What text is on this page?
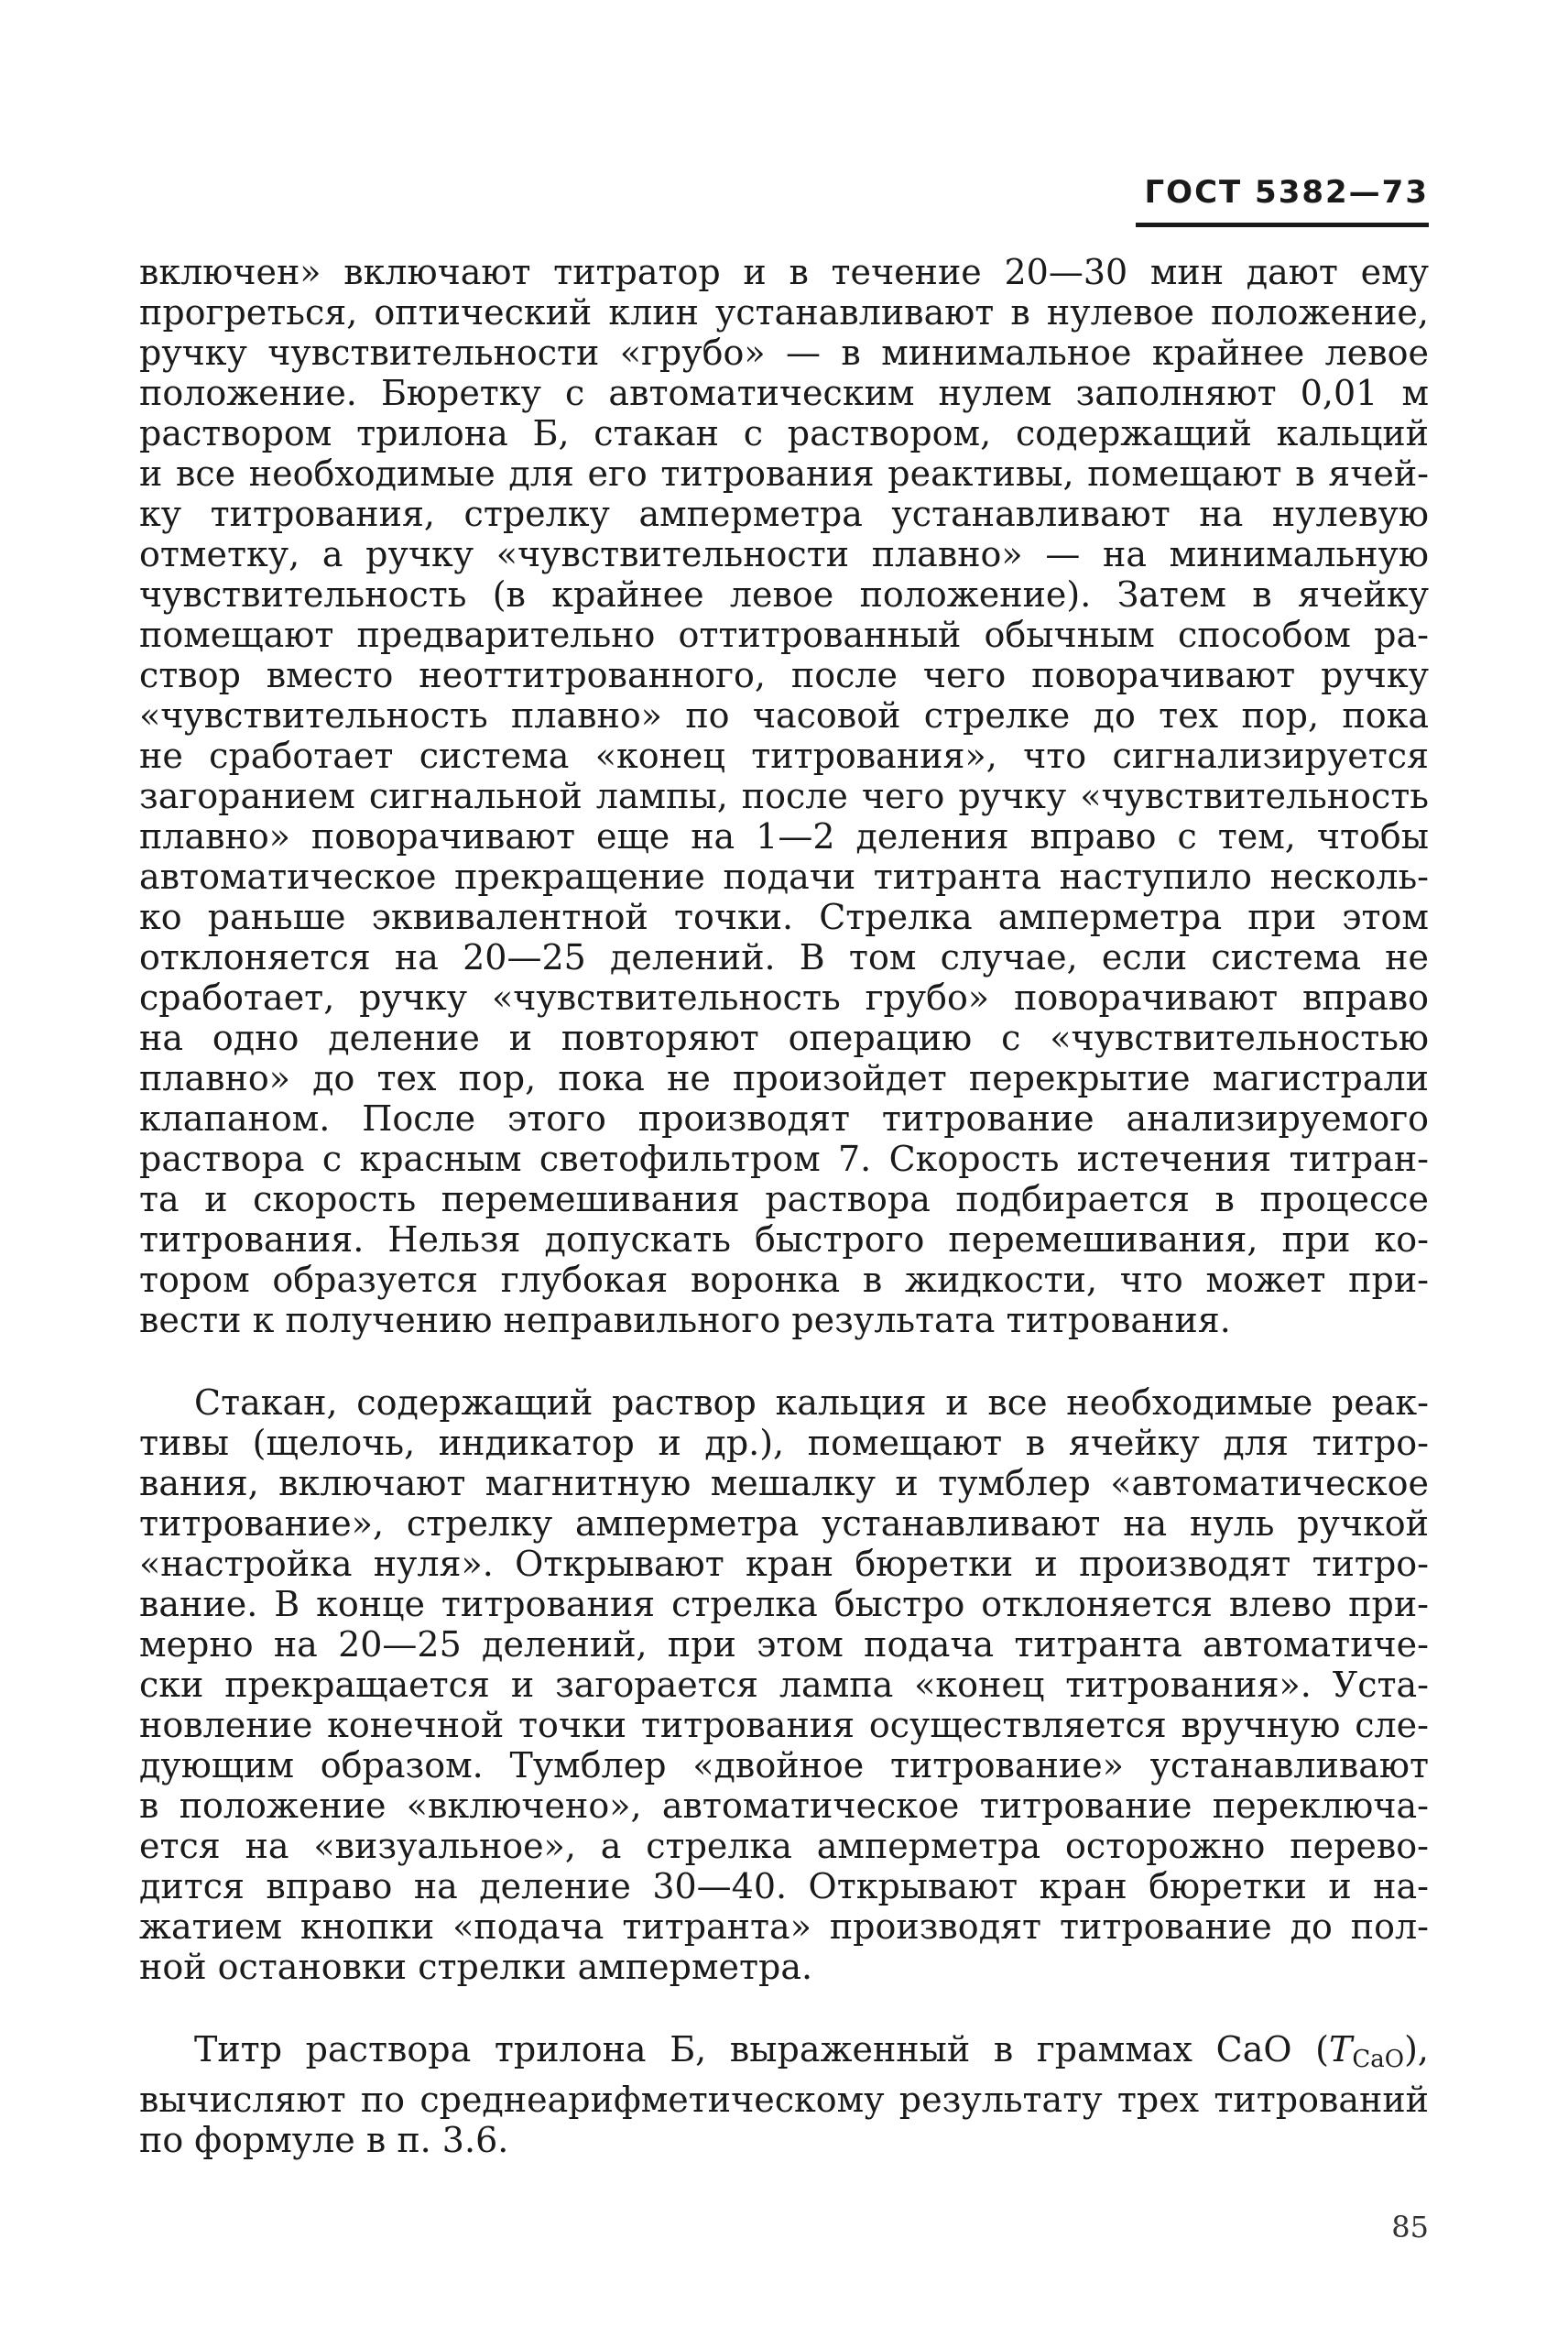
ГОСТ 5382—73

включен» включают титратор и в течение 20—30 мин дают ему
прогреться, оптический клин устанавливают в нулевое положение,
ручку чувствительности «грубо» — в минимальное крайнее левое
положение. Бюретку с автоматическим нулем заполняют 0,01 м
раствором трилона Б, стакан с раствором, содержащий кальций
и все необходимые для его титрования реактивы, помещают в ячей-
ку титрования, стрелку амперметра устанавливают на нулевую
отметку, а ручку «чувствительности плавно» — на минимальную
чувствительность (в крайнее левое положение). Затем в ячейку
помещают предварительно оттитрованный обычным способом ра-
створ вместо неоттитрованного, после чего поворачивают ручку
«чувствительность плавно» по часовой стрелке до тех пор, пока
не сработает система «конец титрования», что сигнализируется
загоранием сигнальной лампы, после чего ручку «чувствительность
плавно» поворачивают еще на 1—2 деления вправо с тем, чтобы
автоматическое прекращение подачи титранта наступило несколь-
ко раньше эквивалентной точки. Стрелка амперметра при этом
отклоняется на 20—25 делений. В том случае, если система не
сработает, ручку «чувствительность грубо» поворачивают вправо
на одно деление и повторяют операцию с «чувствительностью
плавно» до тех пор, пока не произойдет перекрытие магистрали
клапаном. После этого производят титрование анализируемого
раствора с красным светофильтром 7. Скорость истечения титран-
та и скорость перемешивания раствора подбирается в процессе
титрования. Нельзя допускать быстрого перемешивания, при ко-
тором образуется глубокая воронка в жидкости, что может при-
вести к получению неправильного результата титрования.

Стакан, содержащий раствор кальция и все необходимые реак-
тивы (щелочь, индикатор и др.), помещают в ячейку для титро-
вания, включают магнитную мешалку и тумблер «автоматическое
титрование», стрелку амперметра устанавливают на нуль ручкой
«настройка нуля». Открывают кран бюретки и производят титро-
вание. В конце титрования стрелка быстро отклоняется влево при-
мерно на 20—25 делений, при этом подача титранта автоматиче-
ски прекращается и загорается лампа «конец титрования». Уста-
новление конечной точки титрования осуществляется вручную сле-
дующим образом. Тумблер «двойное титрование» устанавливают
в положение «включено», автоматическое титрование переключа-
ется на «визуальное», а стрелка амперметра осторожно перево-
дится вправо на деление 30—40. Открывают кран бюретки и на-
жатием кнопки «подача титранта» производят титрование до пол-
ной остановки стрелки амперметра.

Титр раствора трилона Б, выраженный в граммах CaO $(T_{CaO})$,
вычисляют по среднеарифметическому результату трех титрований
по формуле в п. 3.6.

85
